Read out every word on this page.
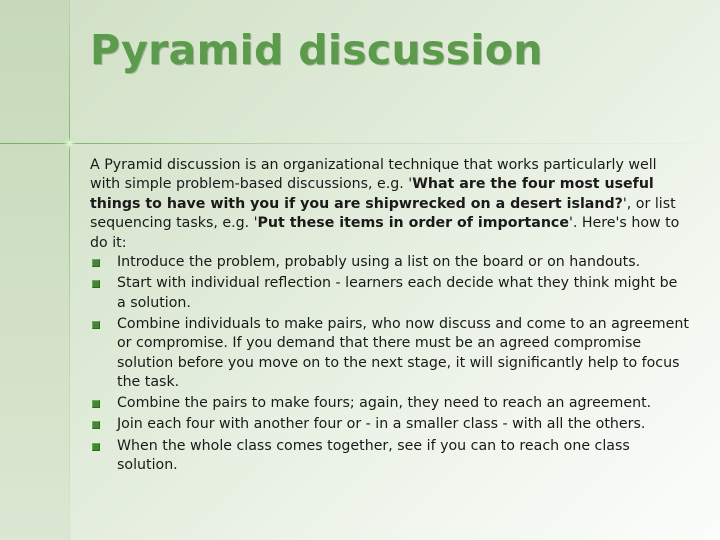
Pyramid discussion

A Pyramid discussion is an organizational technique that works particularly well with simple problem-based discussions, e.g. 'What are the four most useful things to have with you if you are shipwrecked on a desert island?', or list sequencing tasks, e.g. 'Put these items in order of importance'. Here's how to do it:

Introduce the problem, probably using a list on the board or on handouts.
Start with individual reflection - learners each decide what they think might be a solution.
Combine individuals to make pairs, who now discuss and come to an agreement or compromise. If you demand that there must be an agreed compromise solution before you move on to the next stage, it will significantly help to focus the task.
Combine the pairs to make fours; again, they need to reach an agreement.
Join each four with another four or - in a smaller class - with all the others.
When the whole class comes together, see if you can to reach one class solution.
